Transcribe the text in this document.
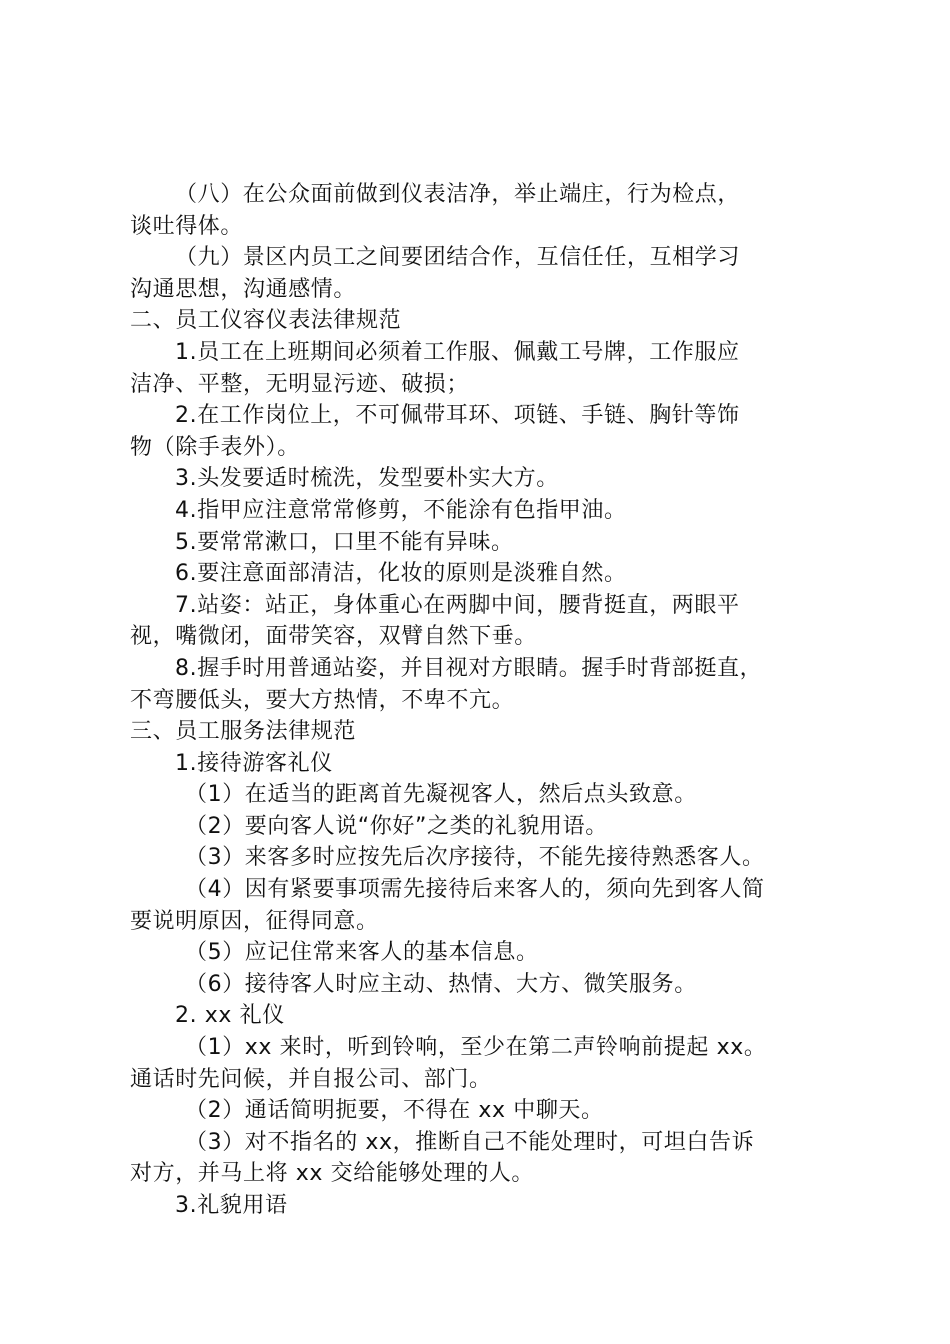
（八）在公众面前做到仪表洁净，举止端庄，行为检点，

谈吐得体。

（九）景区内员工之间要团结合作，互信任任，互相学习

沟通思想，沟通感情。

二、员工仪容仪表法律规范

1.员工在上班期间必须着工作服、佩戴工号牌，工作服应

洁净、平整，无明显污迹、破损；

2.在工作岗位上，不可佩带耳环、项链、手链、胸针等饰

物（除手表外）。

3.头发要适时梳洗，发型要朴实大方。

4.指甲应注意常常修剪，不能涂有色指甲油。

5.要常常漱口，口里不能有异味。

6.要注意面部清洁，化妆的原则是淡雅自然。

7.站姿：站正，身体重心在两脚中间，腰背挺直，两眼平

视，嘴微闭，面带笑容，双臂自然下垂。

8.握手时用普通站姿，并目视对方眼睛。握手时背部挺直，

不弯腰低头，要大方热情，不卑不亢。

三、员工服务法律规范

1.接待游客礼仪

（1）在适当的距离首先凝视客人，然后点头致意。

（2）要向客人说“你好”之类的礼貌用语。

（3）来客多时应按先后次序接待，不能先接待熟悉客人。

（4）因有紧要事项需先接待后来客人的，须向先到客人简

要说明原因，征得同意。

（5）应记住常来客人的基本信息。

（6）接待客人时应主动、热情、大方、微笑服务。

2. xx 礼仪

（1）xx 来时，听到铃响，至少在第二声铃响前提起 xx。

通话时先问候，并自报公司、部门。

（2）通话简明扼要，不得在 xx 中聊天。

（3）对不指名的 xx，推断自己不能处理时，可坦白告诉

对方，并马上将 xx 交给能够处理的人。

3.礼貌用语
